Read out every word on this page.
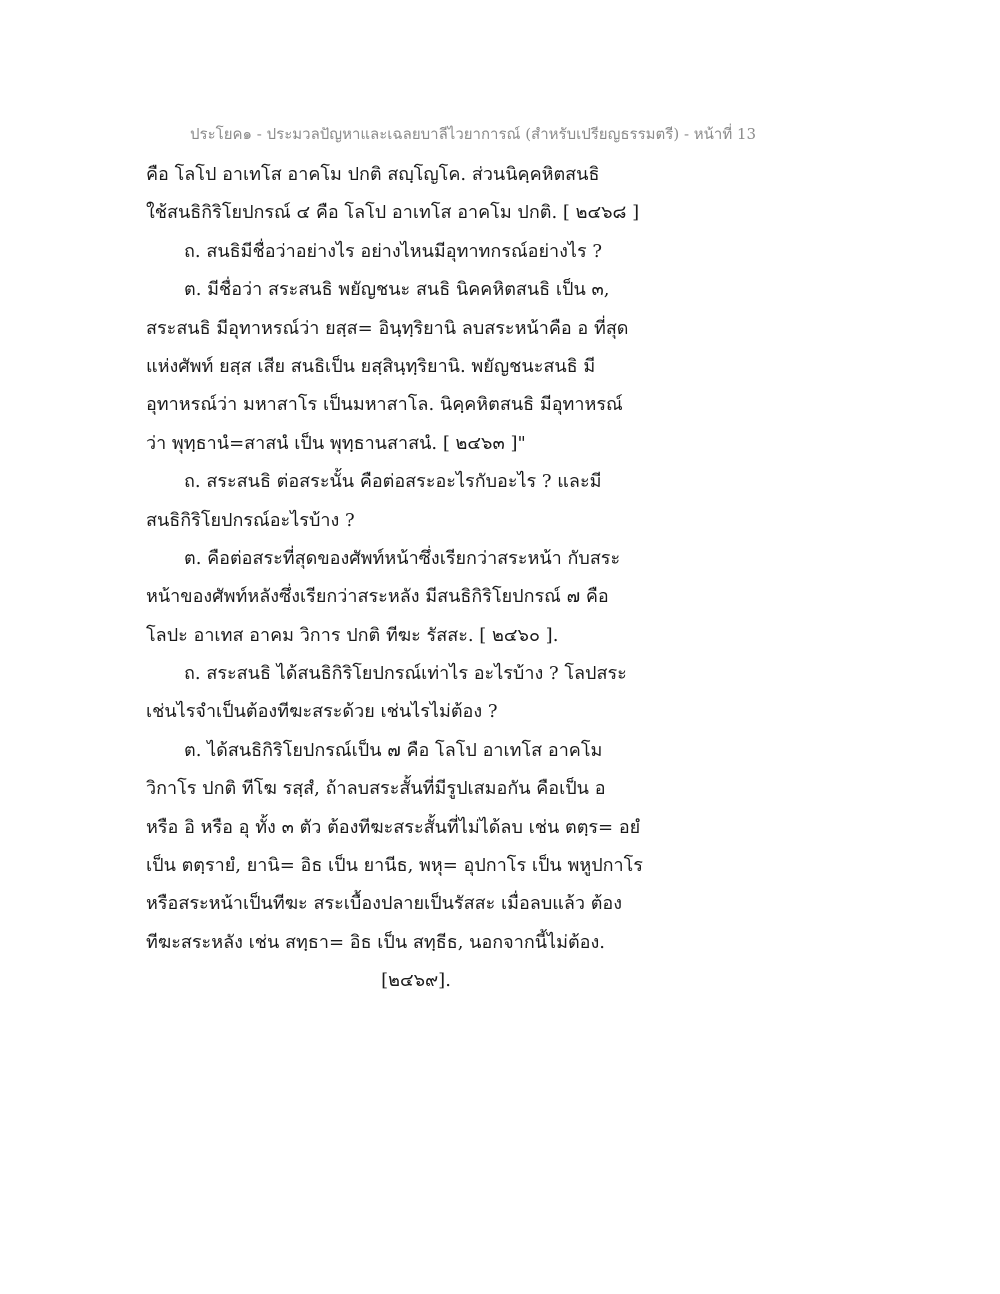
ประโยค๑ - ประมวลปัญหาและเฉลยบาลีไวยาการณ์ (สำหรับเปรียญธรรมตรี) - หน้าที่ 13
คือ โลโป อาเทโส อาคโม ปกติ สญฺโญโค. ส่วนนิคฺคหิตสนธิ
ใช้สนธิกิริโยปกรณ์ ๔ คือ โลโป อาเทโส อาคโม ปกติ. [ ๒๔๖๘ ]
ถ. สนธิมีชื่อว่าอย่างไร อย่างไหนมีอุทาทกรณ์อย่างไร ?
ต. มีชื่อว่า สระสนธิ พยัญชนะ สนธิ นิคคหิตสนธิ เป็น ๓,
สระสนธิ มีอุทาหรณ์ว่า ยสฺส= อินฺทฺริยานิ ลบสระหน้าคือ อ ที่สุด
แห่งศัพท์ ยสฺส เสีย สนธิเป็น ยสฺสินฺทฺริยานิ. พยัญชนะสนธิ มี
อุทาหรณ์ว่า มหาสาโร เป็นมหาสาโล. นิคฺคหิตสนธิ มีอุทาหรณ์
ว่า พุทฺธานํ=สาสนํ เป็น พุทฺธานสาสนํ. [ ๒๔๖๓ ]"
ถ. สระสนธิ ต่อสระนั้น คือต่อสระอะไรกับอะไร ? และมี
สนธิกิริโยปกรณ์อะไรบ้าง ?
ต. คือต่อสระที่สุดของศัพท์หน้าซึ่งเรียกว่าสระหน้า กับสระ
หน้าของศัพท์หลังซึ่งเรียกว่าสระหลัง มีสนธิกิริโยปกรณ์ ๗ คือ
โลปะ อาเทส อาคม วิการ ปกติ ทีฆะ รัสสะ. [ ๒๔๖๐ ].
ถ. สระสนธิ ได้สนธิกิริโยปกรณ์เท่าไร อะไรบ้าง ? โลปสระ
เช่นไรจำเป็นต้องทีฆะสระด้วย เช่นไรไม่ต้อง ?
ต. ได้สนธิกิริโยปกรณ์เป็น ๗ คือ โลโป อาเทโส อาคโม
วิกาโร ปกติ ทีโฆ รสฺสํ, ถ้าลบสระสั้นที่มีรูปเสมอกัน คือเป็น อ
หรือ อิ หรือ อุ ทั้ง ๓ ตัว ต้องทีฆะสระสั้นที่ไม่ได้ลบ เช่น ตตฺร= อยํ
เป็น ตตฺรายํ, ยานิ= อิธ เป็น ยานีธ, พหุ= อุปกาโร เป็น พหูปกาโร
หรือสระหน้าเป็นทีฆะ สระเบื้องปลายเป็นรัสสะ เมื่อลบแล้ว ต้อง
ทีฆะสระหลัง เช่น สทฺธา= อิธ เป็น สทฺธีธ, นอกจากนี้ไม่ต้อง.
[๒๔๖๙].
